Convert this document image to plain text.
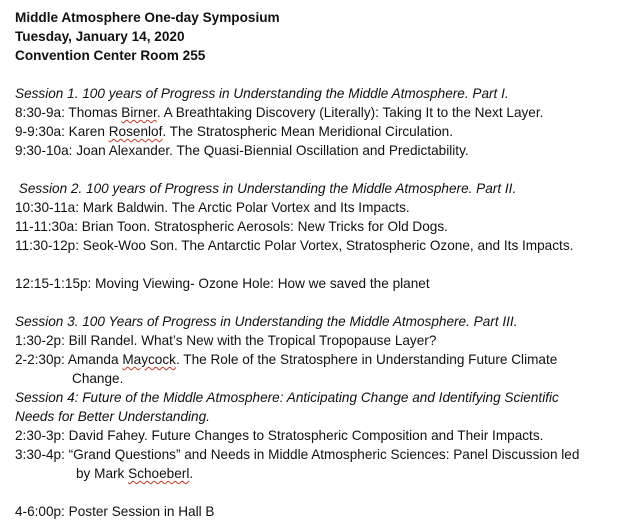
Middle Atmosphere One-day Symposium
Tuesday, January 14, 2020
Convention Center Room 255
Session 1. 100 years of Progress in Understanding the Middle Atmosphere. Part I.
8:30-9a: Thomas Birner. A Breathtaking Discovery (Literally): Taking It to the Next Layer.
9-9:30a: Karen Rosenlof. The Stratospheric Mean Meridional Circulation.
9:30-10a: Joan Alexander. The Quasi-Biennial Oscillation and Predictability.
Session 2. 100 years of Progress in Understanding the Middle Atmosphere. Part II.
10:30-11a: Mark Baldwin. The Arctic Polar Vortex and Its Impacts.
11-11:30a: Brian Toon. Stratospheric Aerosols: New Tricks for Old Dogs.
11:30-12p: Seok-Woo Son. The Antarctic Polar Vortex, Stratospheric Ozone, and Its Impacts.
12:15-1:15p: Moving Viewing- Ozone Hole: How we saved the planet
Session 3. 100 Years of Progress in Understanding the Middle Atmosphere. Part III.
1:30-2p: Bill Randel. What’s New with the Tropical Tropopause Layer?
2-2:30p: Amanda Maycock. The Role of the Stratosphere in Understanding Future Climate
Change.
Session 4: Future of the Middle Atmosphere: Anticipating Change and Identifying Scientific
Needs for Better Understanding.
2:30-3p: David Fahey. Future Changes to Stratospheric Composition and Their Impacts.
3:30-4p: “Grand Questions” and Needs in Middle Atmospheric Sciences: Panel Discussion led
by Mark Schoeberl.
4-6:00p: Poster Session in Hall B
